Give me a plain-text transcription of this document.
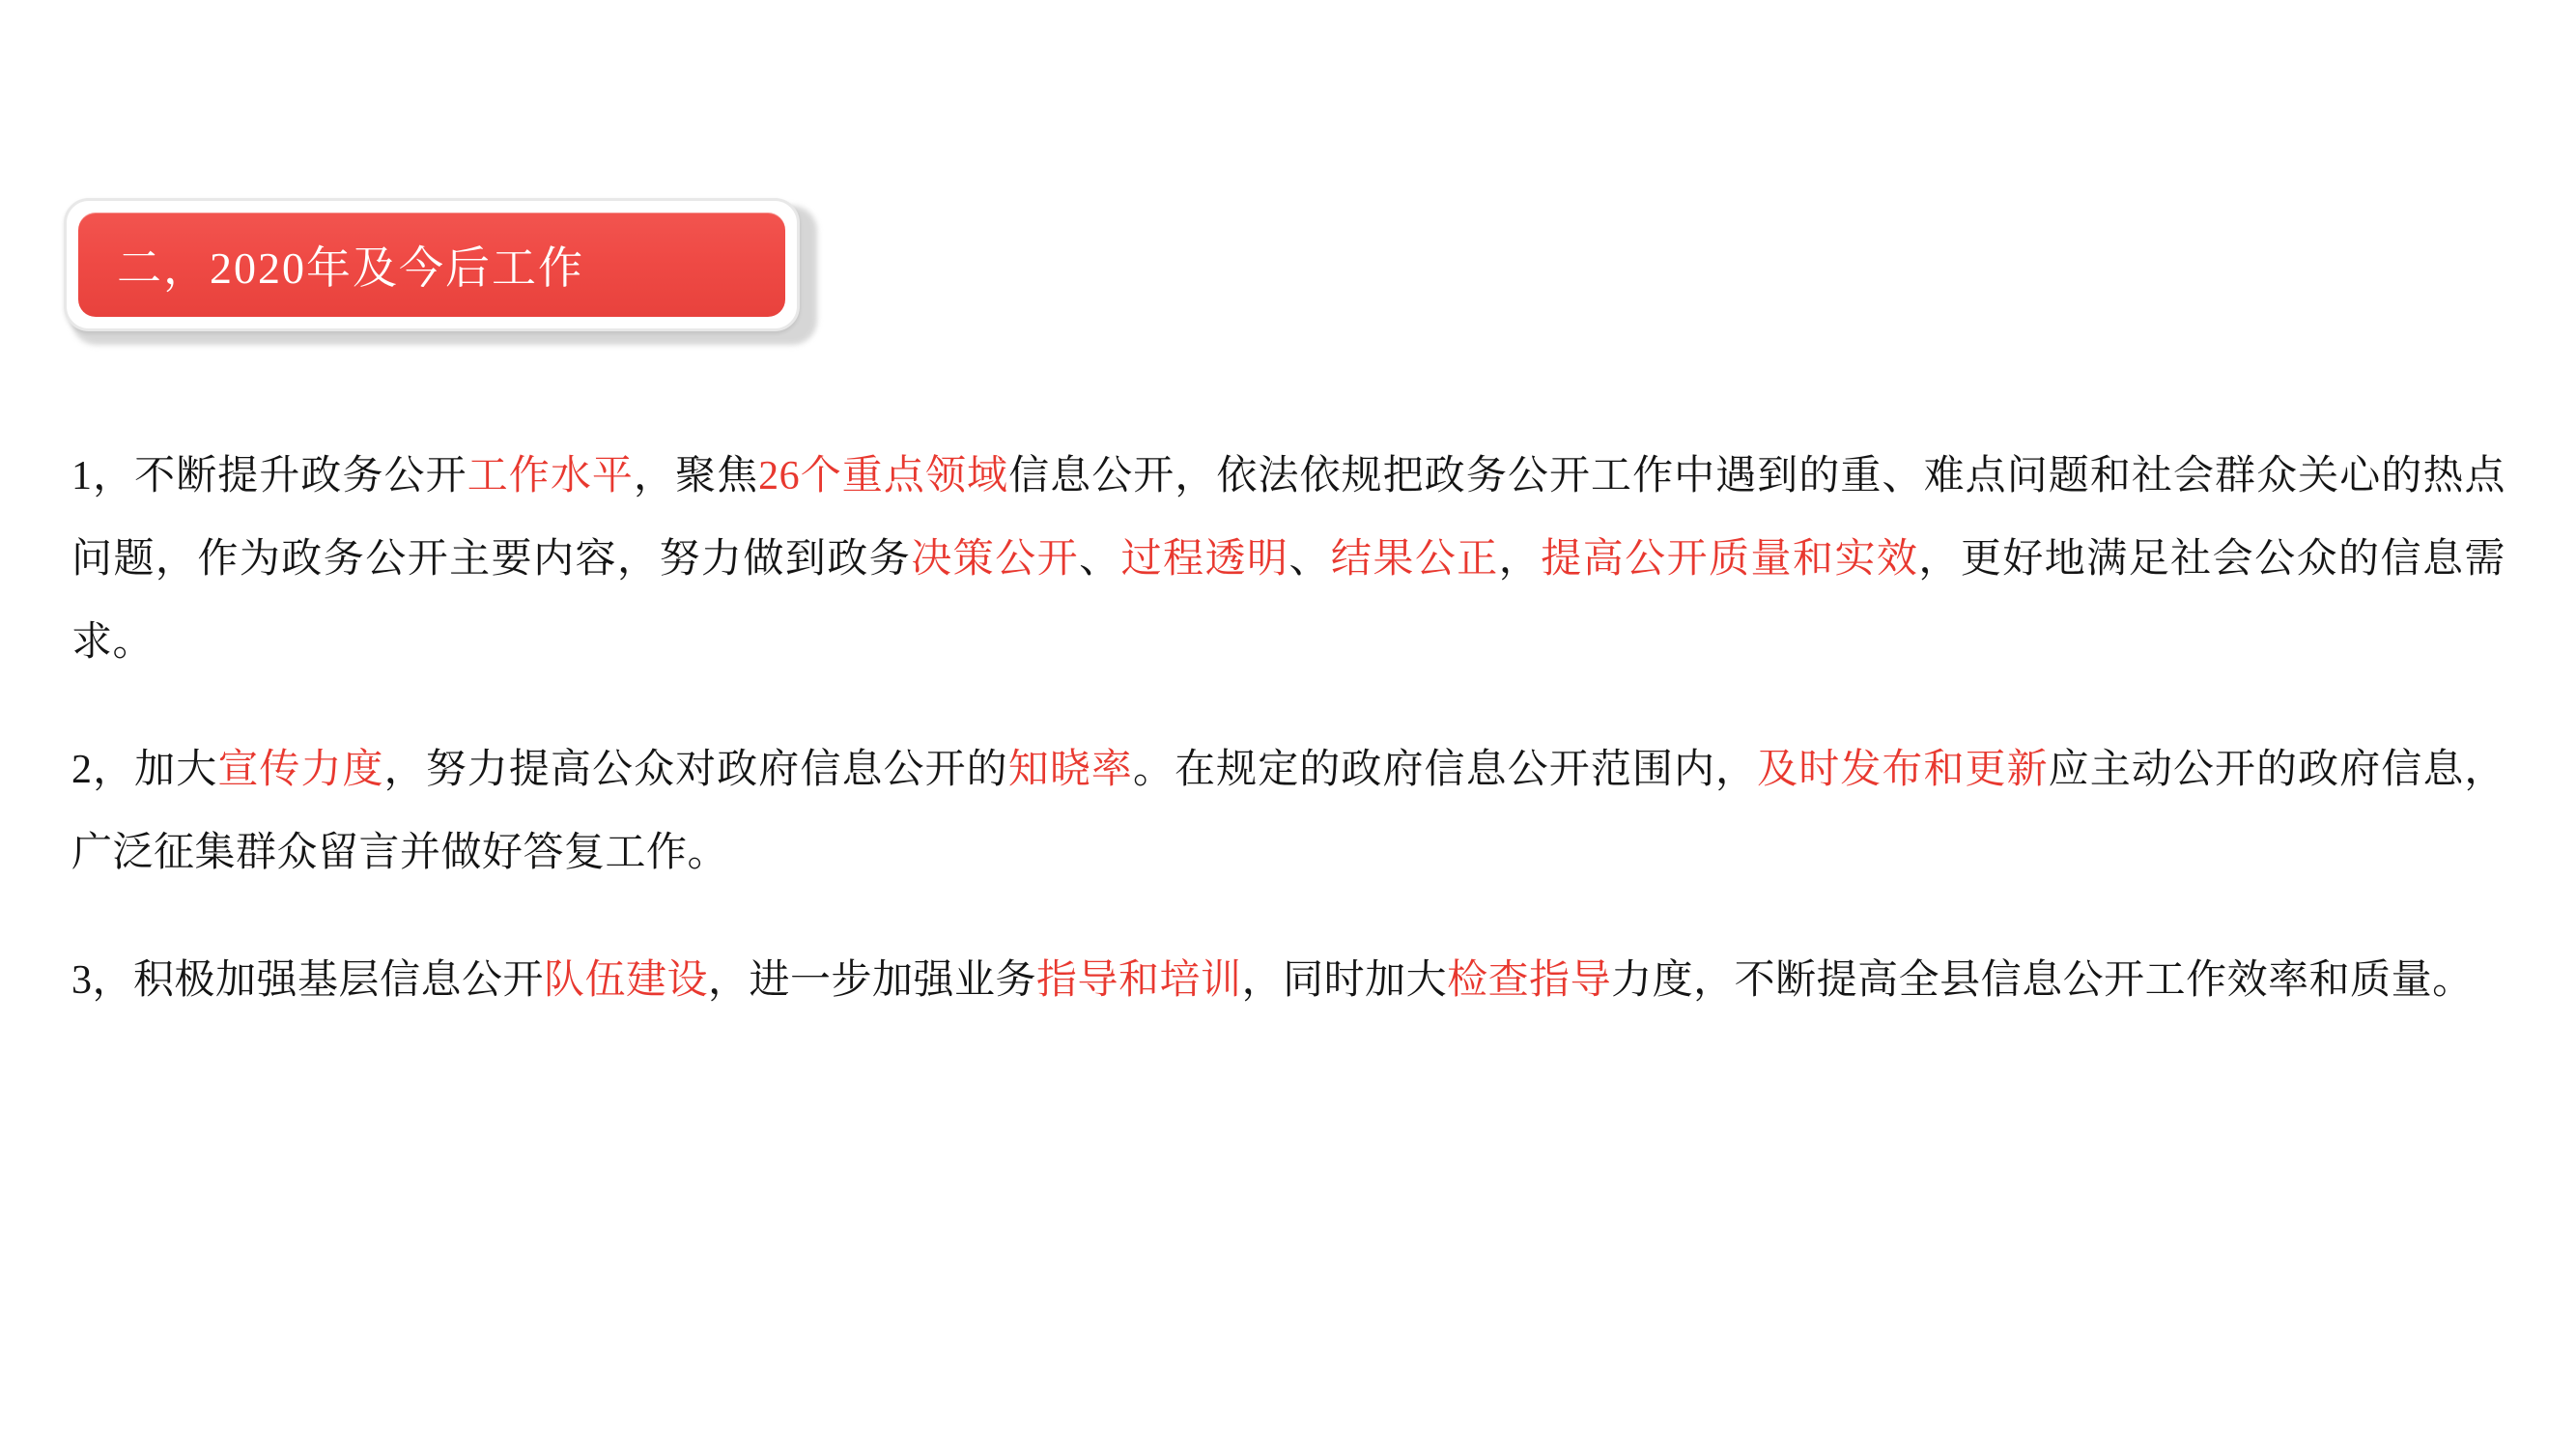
二，2020年及今后工作

1，不断提升政务公开工作水平，聚焦26个重点领域信息公开，依法依规把政务公开工作中遇到的重、难点问题和社会群众关心的热点问题，作为政务公开主要内容，努力做到政务决策公开、过程透明、结果公正，提高公开质量和实效，更好地满足社会公众的信息需求。

2，加大宣传力度，努力提高公众对政府信息公开的知晓率。在规定的政府信息公开范围内，及时发布和更新应主动公开的政府信息，广泛征集群众留言并做好答复工作。

3，积极加强基层信息公开队伍建设，进一步加强业务指导和培训，同时加大检查指导力度，不断提高全县信息公开工作效率和质量。
